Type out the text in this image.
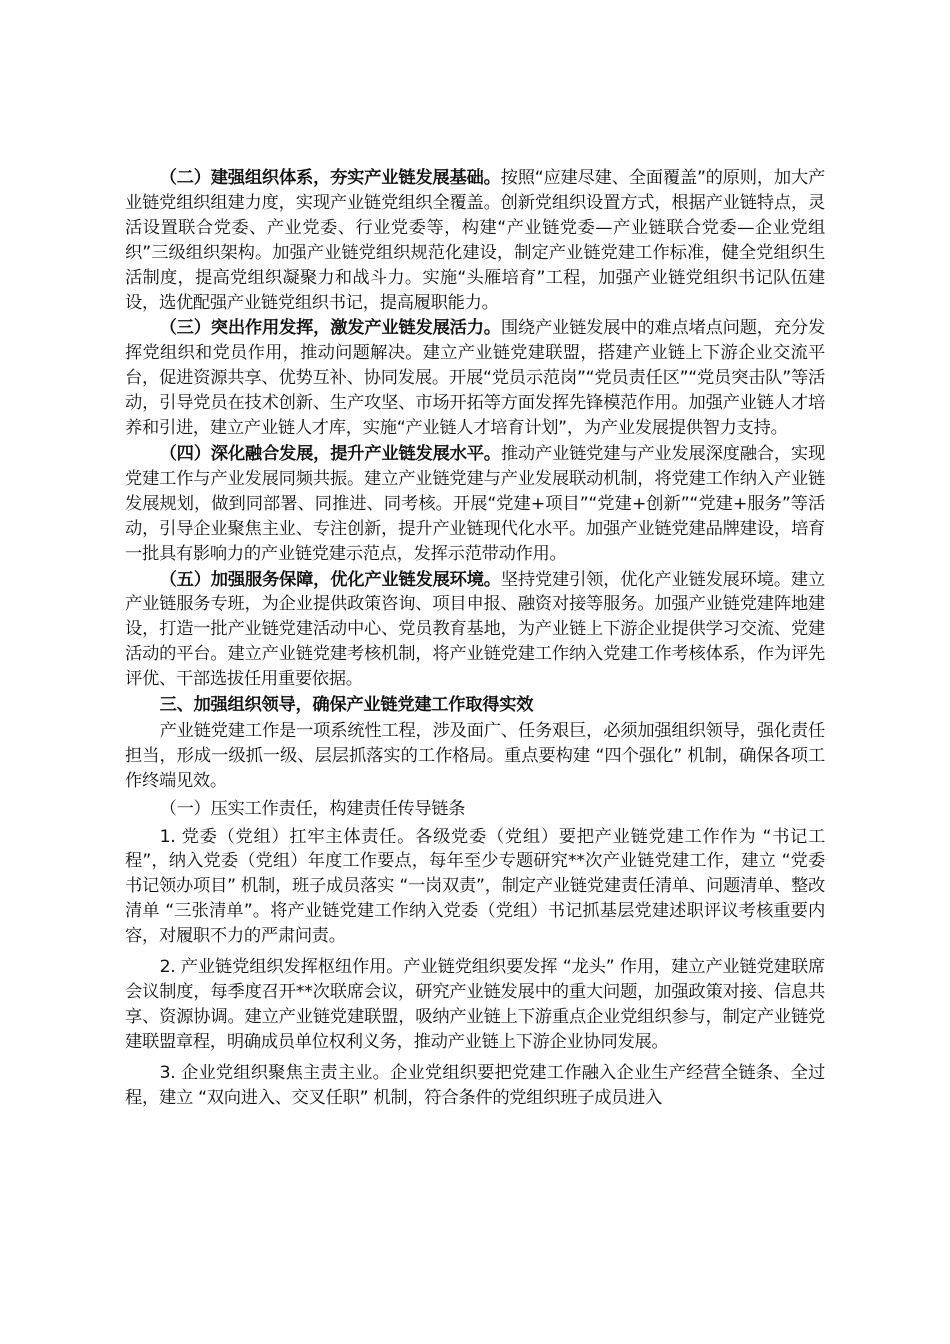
（二）建强组织体系，夯实产业链发展基础。按照“应建尽建、全面覆盖”的原则，加大产业链党组织组建力度，实现产业链党组织全覆盖。创新党组织设置方式，根据产业链特点，灵活设置联合党委、产业党委、行业党委等，构建“产业链党委—产业链联合党委—企业党组织”三级组织架构。加强产业链党组织规范化建设，制定产业链党建工作标准，健全党组织生活制度，提高党组织凝聚力和战斗力。实施“头雁培育”工程，加强产业链党组织书记队伍建设，选优配强产业链党组织书记，提高履职能力。

（三）突出作用发挥，激发产业链发展活力。围绕产业链发展中的难点堵点问题，充分发挥党组织和党员作用，推动问题解决。建立产业链党建联盟，搭建产业链上下游企业交流平台，促进资源共享、优势互补、协同发展。开展“党员示范岗”“党员责任区”“党员突击队”等活动，引导党员在技术创新、生产攻坚、市场开拓等方面发挥先锋模范作用。加强产业链人才培养和引进，建立产业链人才库，实施“产业链人才培育计划”，为产业发展提供智力支持。

（四）深化融合发展，提升产业链发展水平。推动产业链党建与产业发展深度融合，实现党建工作与产业发展同频共振。建立产业链党建与产业发展联动机制，将党建工作纳入产业链发展规划，做到同部署、同推进、同考核。开展“党建+项目”“党建+创新”“党建+服务”等活动，引导企业聚焦主业、专注创新，提升产业链现代化水平。加强产业链党建品牌建设，培育一批具有影响力的产业链党建示范点，发挥示范带动作用。

（五）加强服务保障，优化产业链发展环境。坚持党建引领，优化产业链发展环境。建立产业链服务专班，为企业提供政策咨询、项目申报、融资对接等服务。加强产业链党建阵地建设，打造一批产业链党建活动中心、党员教育基地，为产业链上下游企业提供学习交流、党建活动的平台。建立产业链党建考核机制，将产业链党建工作纳入党建工作考核体系，作为评先评优、干部选拔任用重要依据。

三、加强组织领导，确保产业链党建工作取得实效

产业链党建工作是一项系统性工程，涉及面广、任务艰巨，必须加强组织领导，强化责任担当，形成一级抓一级、层层抓落实的工作格局。重点要构建 “四个强化” 机制，确保各项工作终端见效。

（一）压实工作责任，构建责任传导链条

1. 党委（党组）扛牢主体责任。各级党委（党组）要把产业链党建工作作为 “书记工程”，纳入党委（党组）年度工作要点，每年至少专题研究**次产业链党建工作，建立 “党委书记领办项目” 机制，班子成员落实 “一岗双责”，制定产业链党建责任清单、问题清单、整改清单 “三张清单”。将产业链党建工作纳入党委（党组）书记抓基层党建述职评议考核重要内容，对履职不力的严肃问责。

2. 产业链党组织发挥枢纽作用。产业链党组织要发挥 “龙头” 作用，建立产业链党建联席会议制度，每季度召开**次联席会议，研究产业链发展中的重大问题，加强政策对接、信息共享、资源协调。建立产业链党建联盟，吸纳产业链上下游重点企业党组织参与，制定产业链党建联盟章程，明确成员单位权利义务，推动产业链上下游企业协同发展。

3. 企业党组织聚焦主责主业。企业党组织要把党建工作融入企业生产经营全链条、全过程，建立 “双向进入、交叉任职” 机制，符合条件的党组织班子成员进入
